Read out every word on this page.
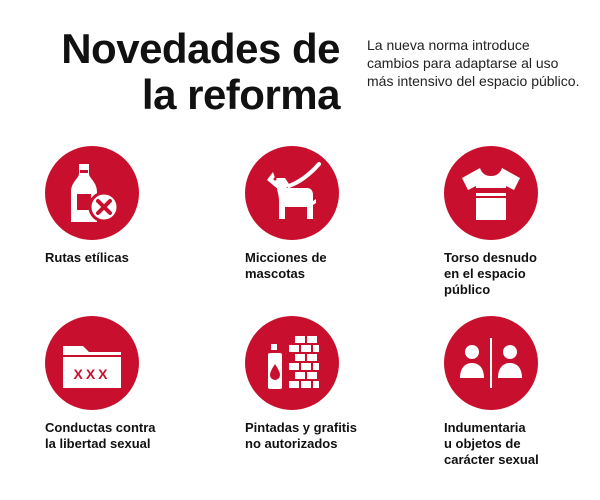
Novedades de
la reforma

La nueva norma introduce cambios para adaptarse al uso más intensivo del espacio público.

Rutas etílicas	Micciones de
mascotas
Torso desnudo
en el espacio
público
XXX
Conductas contra
la libertad sexual
Pintadas y grafitis
no autorizados
Indumentaria
u objetos de
carácter sexual
